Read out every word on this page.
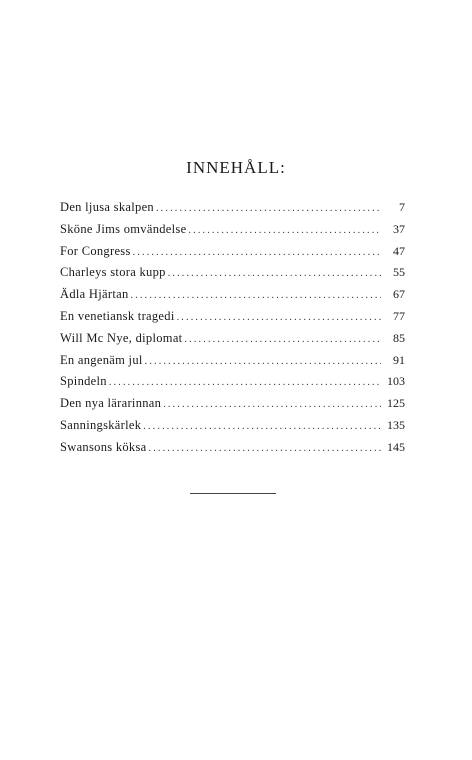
INNEHÅLL:
Den ljusa skalpen .....	7
Sköne Jims omvändelse .....	37
For Congress .....	47
Charleys stora kupp .....	55
Ädla Hjärtan .....	67
En venetiansk tragedi .....	77
Will Mc Nye, diplomat .....	85
En angenäm jul .....	91
Spindeln .....	103
Den nya lärarinnan .....	125
Sanningskärlek .....	135
Swansons köksa .....	145
